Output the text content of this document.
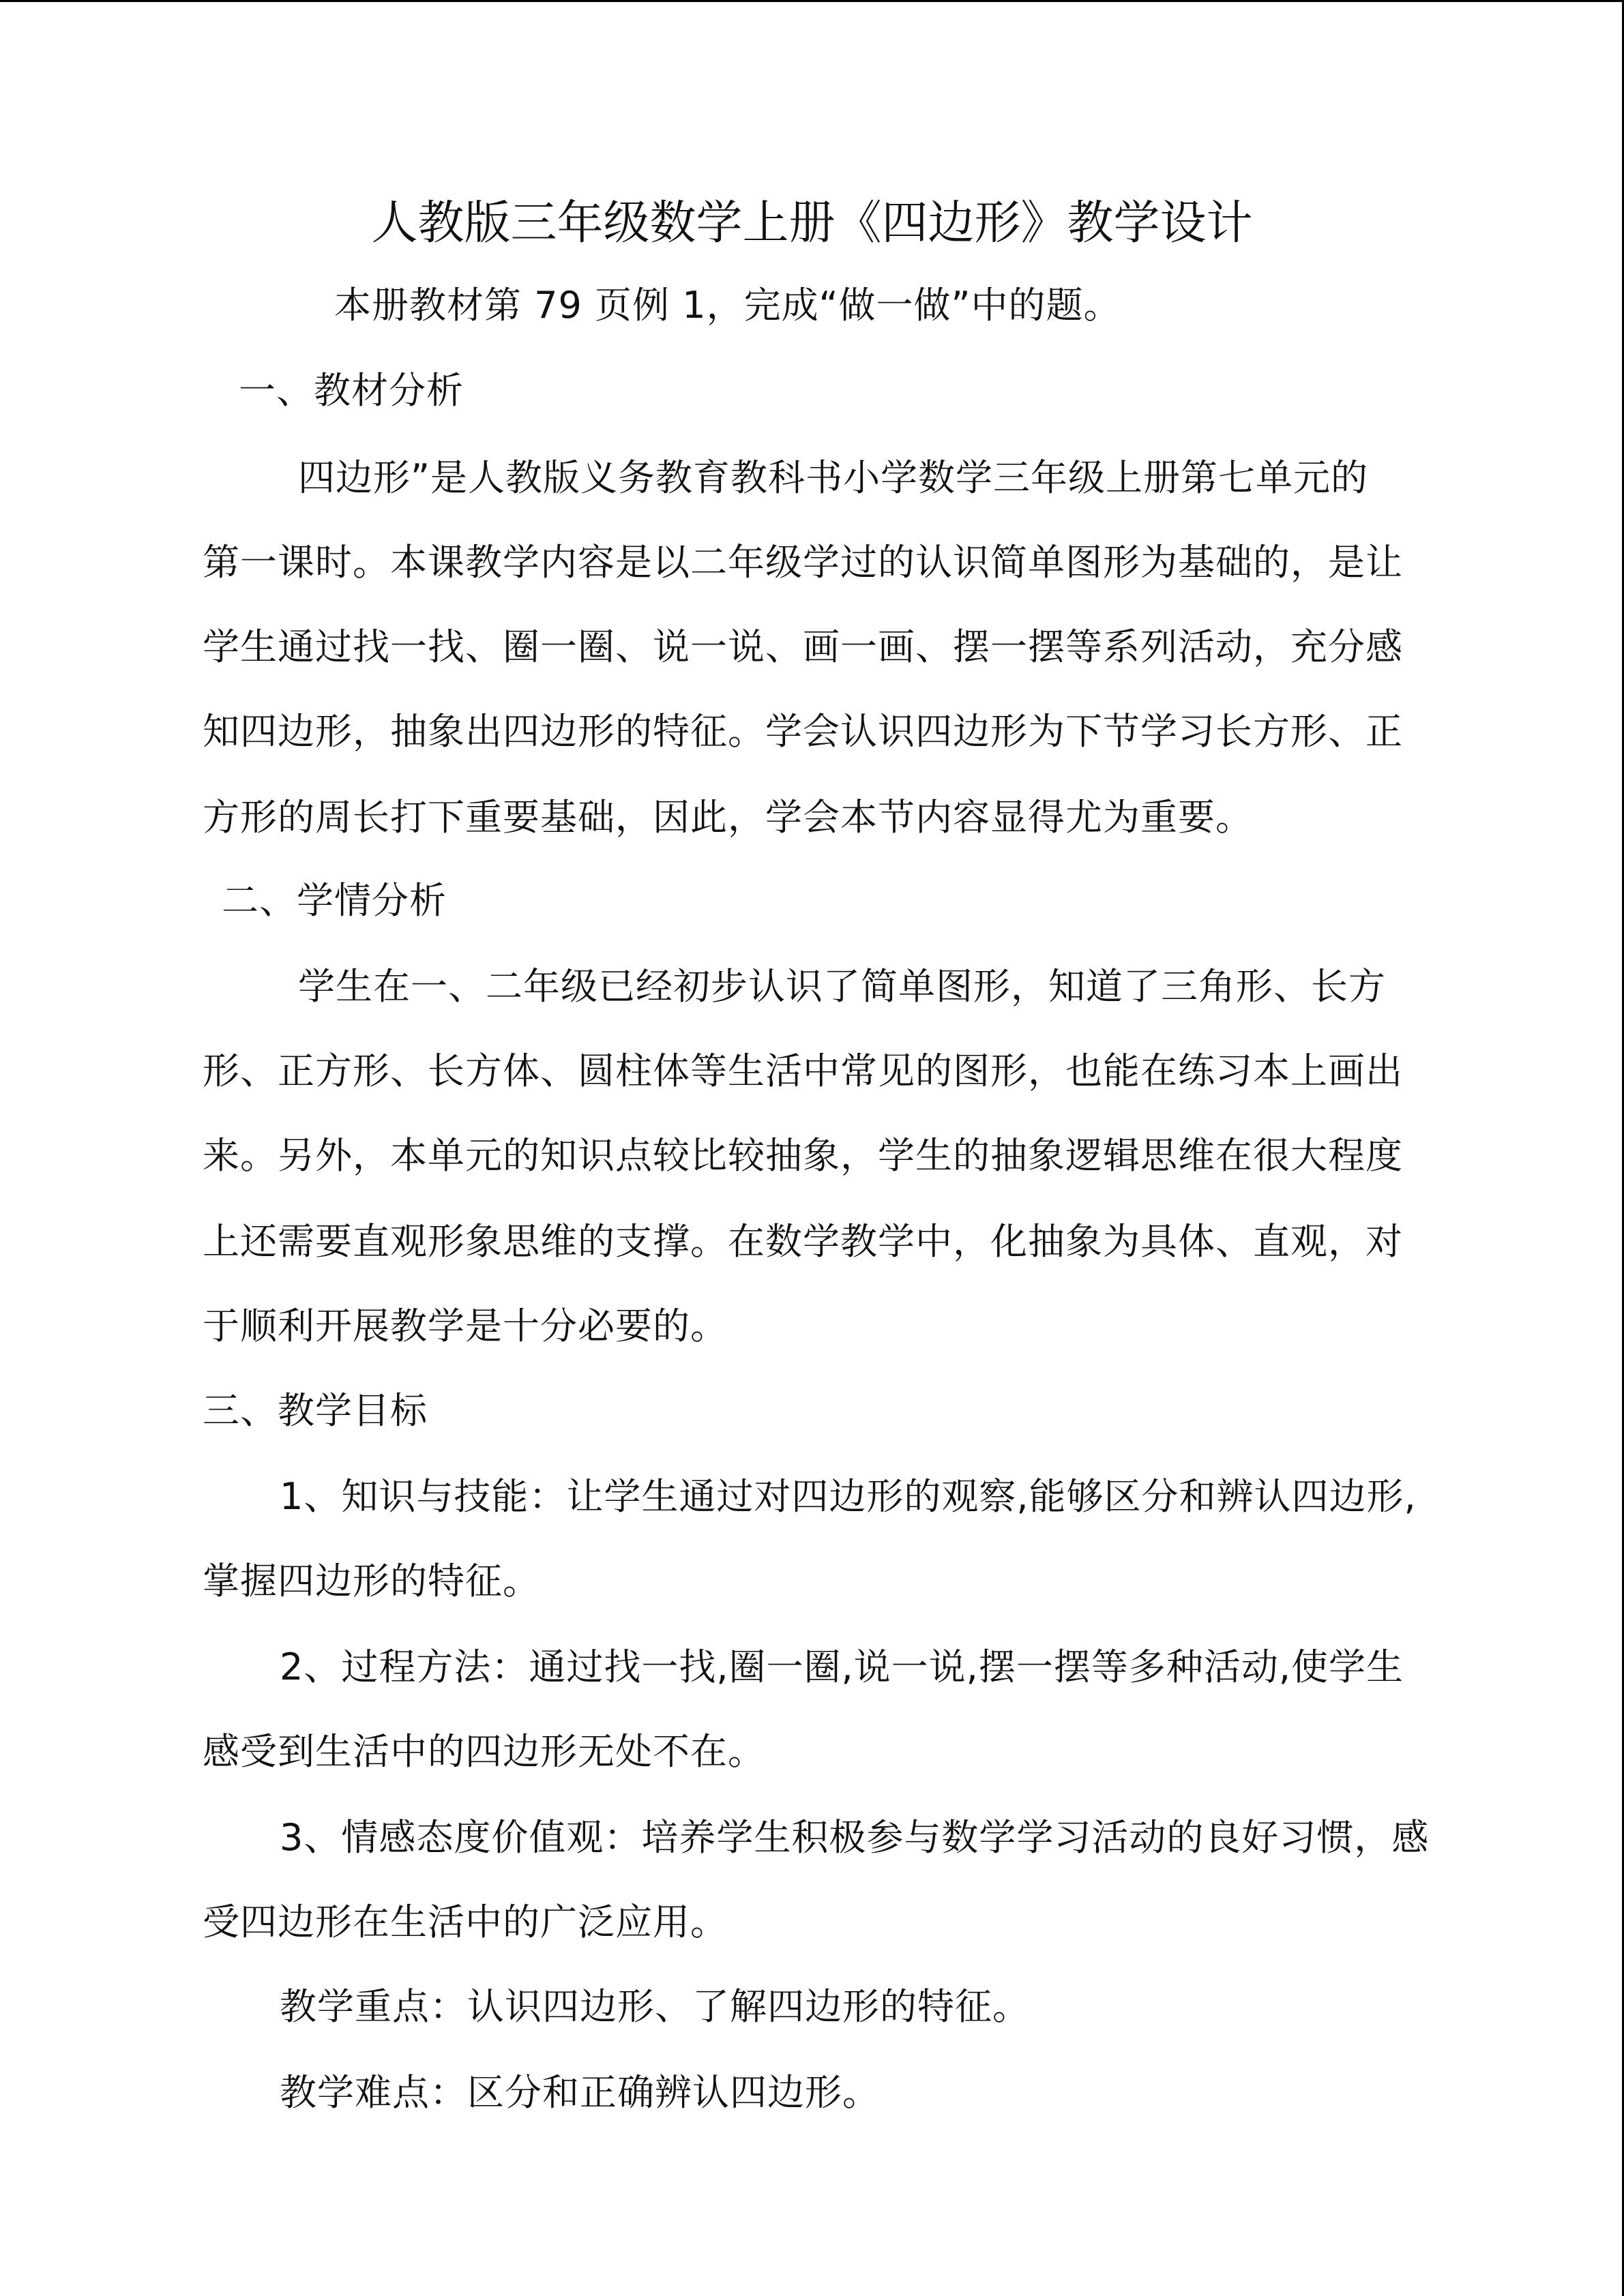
人教版三年级数学上册《四边形》教学设计
本册教材第 79 页例 1，完成“做一做”中的题。
一、教材分析
四边形”是人教版义务教育教科书小学数学三年级上册第七单元的
第一课时。本课教学内容是以二年级学过的认识简单图形为基础的，是让
学生通过找一找、圈一圈、说一说、画一画、摆一摆等系列活动，充分感
知四边形，抽象出四边形的特征。学会认识四边形为下节学习长方形、正
方形的周长打下重要基础，因此，学会本节内容显得尤为重要。
二、学情分析
学生在一、二年级已经初步认识了简单图形，知道了三角形、长方
形、正方形、长方体、圆柱体等生活中常见的图形，也能在练习本上画出
来。另外，本单元的知识点较比较抽象，学生的抽象逻辑思维在很大程度
上还需要直观形象思维的支撑。在数学教学中，化抽象为具体、直观，对
于顺利开展教学是十分必要的。
三、教学目标
1、知识与技能：让学生通过对四边形的观察,能够区分和辨认四边形,
掌握四边形的特征。
2、过程方法：通过找一找,圈一圈,说一说,摆一摆等多种活动,使学生
感受到生活中的四边形无处不在。
3、情感态度价值观：培养学生积极参与数学学习活动的良好习惯，感
受四边形在生活中的广泛应用。
教学重点：认识四边形、了解四边形的特征。
教学难点：区分和正确辨认四边形。
